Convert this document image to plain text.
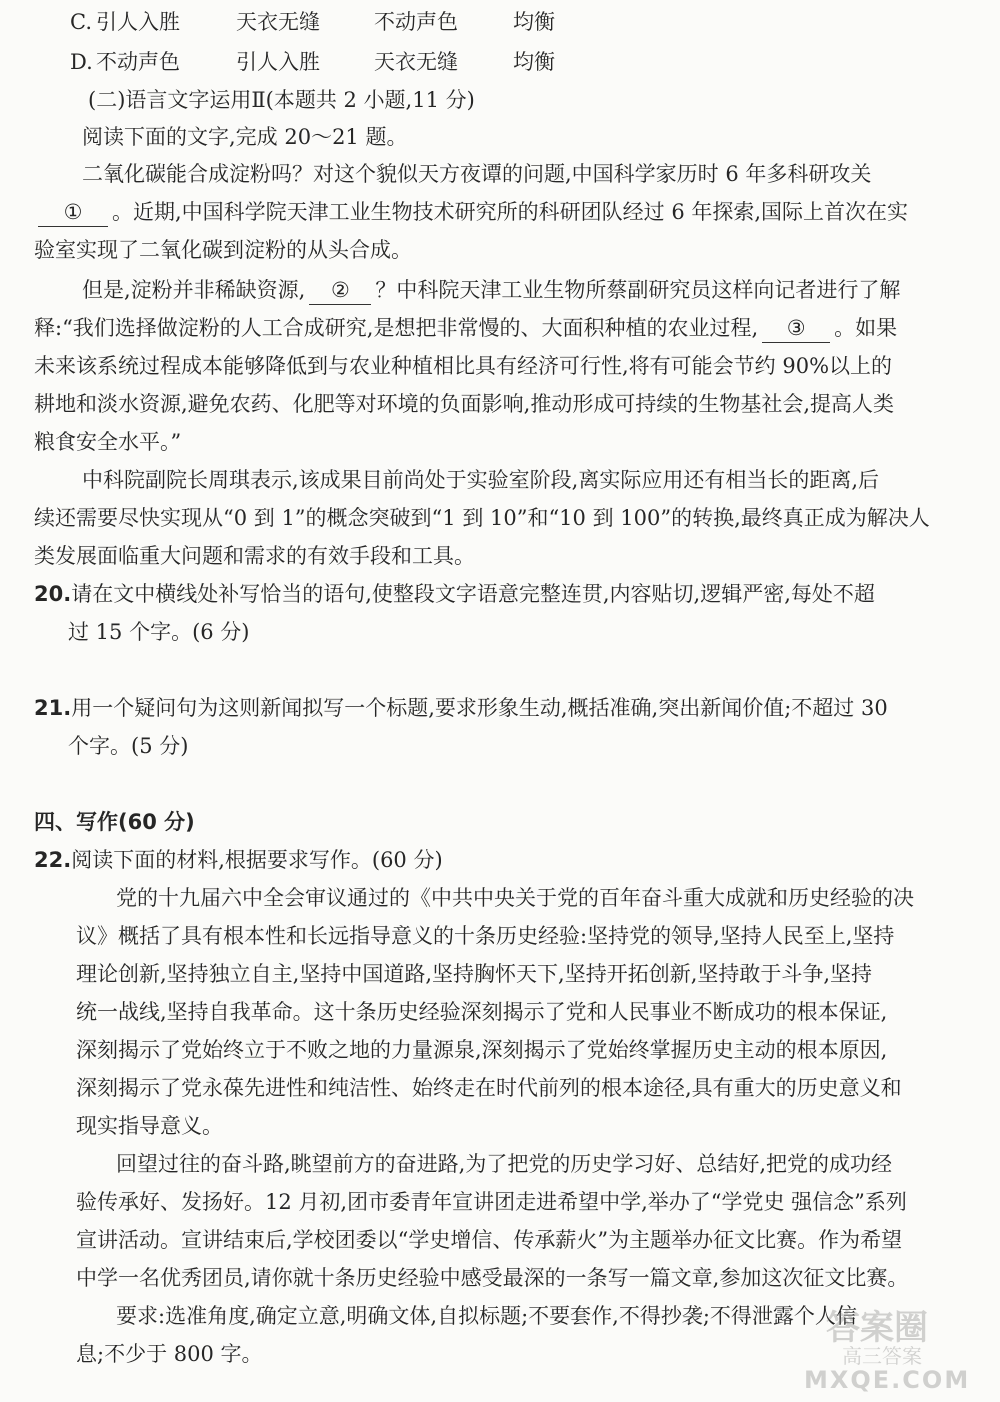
C. 引人入胜	天衣无缝	不动声色	均衡
D. 不动声色	引人入胜	天衣无缝	均衡
(二)语言文字运用Ⅱ(本题共 2 小题,11 分)
阅读下面的文字,完成 20～21 题。
二氧化碳能合成淀粉吗？对这个貌似天方夜谭的问题,中国科学家历时 6 年多科研攻关
① 。近期,中国科学院天津工业生物技术研究所的科研团队经过 6 年探索,国际上首次在实
验室实现了二氧化碳到淀粉的从头合成。
但是,淀粉并非稀缺资源, ② ？中科院天津工业生物所蔡副研究员这样向记者进行了解
释:“我们选择做淀粉的人工合成研究,是想把非常慢的、大面积种植的农业过程, ③ 。如果
未来该系统过程成本能够降低到与农业种植相比具有经济可行性,将有可能会节约 90%以上的
耕地和淡水资源,避免农药、化肥等对环境的负面影响,推动形成可持续的生物基社会,提高人类
粮食安全水平。”
中科院副院长周琪表示,该成果目前尚处于实验室阶段,离实际应用还有相当长的距离,后
续还需要尽快实现从“0 到 1”的概念突破到“1 到 10”和“10 到 100”的转换,最终真正成为解决人
类发展面临重大问题和需求的有效手段和工具。
20.请在文中横线处补写恰当的语句,使整段文字语意完整连贯,内容贴切,逻辑严密,每处不超
过 15 个字。(6 分)
21.用一个疑问句为这则新闻拟写一个标题,要求形象生动,概括准确,突出新闻价值;不超过 30
个字。(5 分)
四、写作(60 分)
22.阅读下面的材料,根据要求写作。(60 分)
党的十九届六中全会审议通过的《中共中央关于党的百年奋斗重大成就和历史经验的决
议》概括了具有根本性和长远指导意义的十条历史经验:坚持党的领导,坚持人民至上,坚持
理论创新,坚持独立自主,坚持中国道路,坚持胸怀天下,坚持开拓创新,坚持敢于斗争,坚持
统一战线,坚持自我革命。这十条历史经验深刻揭示了党和人民事业不断成功的根本保证,
深刻揭示了党始终立于不败之地的力量源泉,深刻揭示了党始终掌握历史主动的根本原因,
深刻揭示了党永葆先进性和纯洁性、始终走在时代前列的根本途径,具有重大的历史意义和
现实指导意义。
回望过往的奋斗路,眺望前方的奋进路,为了把党的历史学习好、总结好,把党的成功经
验传承好、发扬好。12 月初,团市委青年宣讲团走进希望中学,举办了“学党史 强信念”系列
宣讲活动。宣讲结束后,学校团委以“学史增信、传承薪火”为主题举办征文比赛。作为希望
中学一名优秀团员,请你就十条历史经验中感受最深的一条写一篇文章,参加这次征文比赛。
要求:选准角度,确定立意,明确文体,自拟标题;不要套作,不得抄袭;不得泄露个人信
息;不少于 800 字。
答案圈
高三答案
MXQE.COM
